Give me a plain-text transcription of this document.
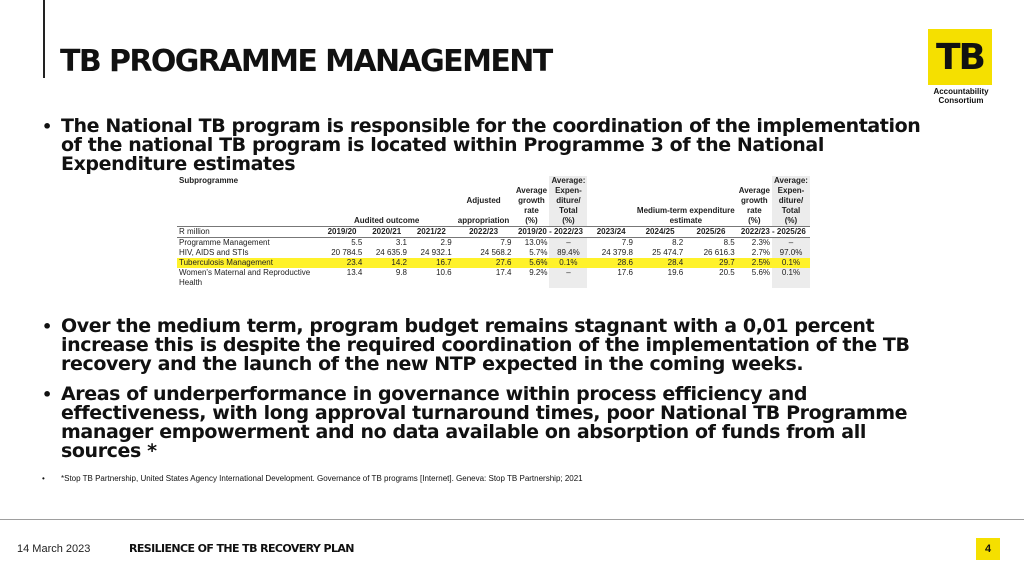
TB PROGRAMME MANAGEMENT	TB
Accountability
Consortium
• The National TB program is responsible for the coordination of the implementation of the national TB program is located within Programme 3 of the National Expenditure estimates
Subprogramme						Average:					Average:
					Average	Expen-				Average	Expen-
				Adjusted	growth	diture/				growth	diture/
					rate	Total		Medium-term expenditure		rate	Total
	Audited outcome			appropriation	(%)	(%)		estimate		(%)	(%)
R million	2019/20	2020/21	2021/22	2022/23	2019/20 - 2022/23		2023/24	2024/25	2025/26	2022/23 - 2025/26	
Programme Management	5.5	3.1	2.9	7.9	13.0%	–	7.9	8.2	8.5	2.3%	–
HIV, AIDS and STIs	20 784.5	24 635.9	24 932.1	24 568.2	5.7%	89.4%	24 379.8	25 474.7	26 616.3	2.7%	97.0%
Tuberculosis Management	23.4	14.2	16.7	27.6	5.6%	0.1%	28.6	28.4	29.7	2.5%	0.1%
Women's Maternal and Reproductive	13.4	9.8	10.6	17.4	9.2%	–	17.6	19.6	20.5	5.6%	0.1%
Health											
• Over the medium term, program budget remains stagnant with a 0,01 percent increase this is despite the required coordination of the implementation of the TB recovery and the launch of the new NTP expected in the coming weeks.
• Areas of underperformance in governance within process efficiency and effectiveness, with long approval turnaround times, poor National TB Programme manager empowerment and no data available on absorption of funds from all sources *
• *Stop TB Partnership, United States Agency International Development. Governance of TB programs [Internet]. Geneva: Stop TB Partnership; 2021
14 March 2023	RESILIENCE OF THE TB RECOVERY PLAN	4
